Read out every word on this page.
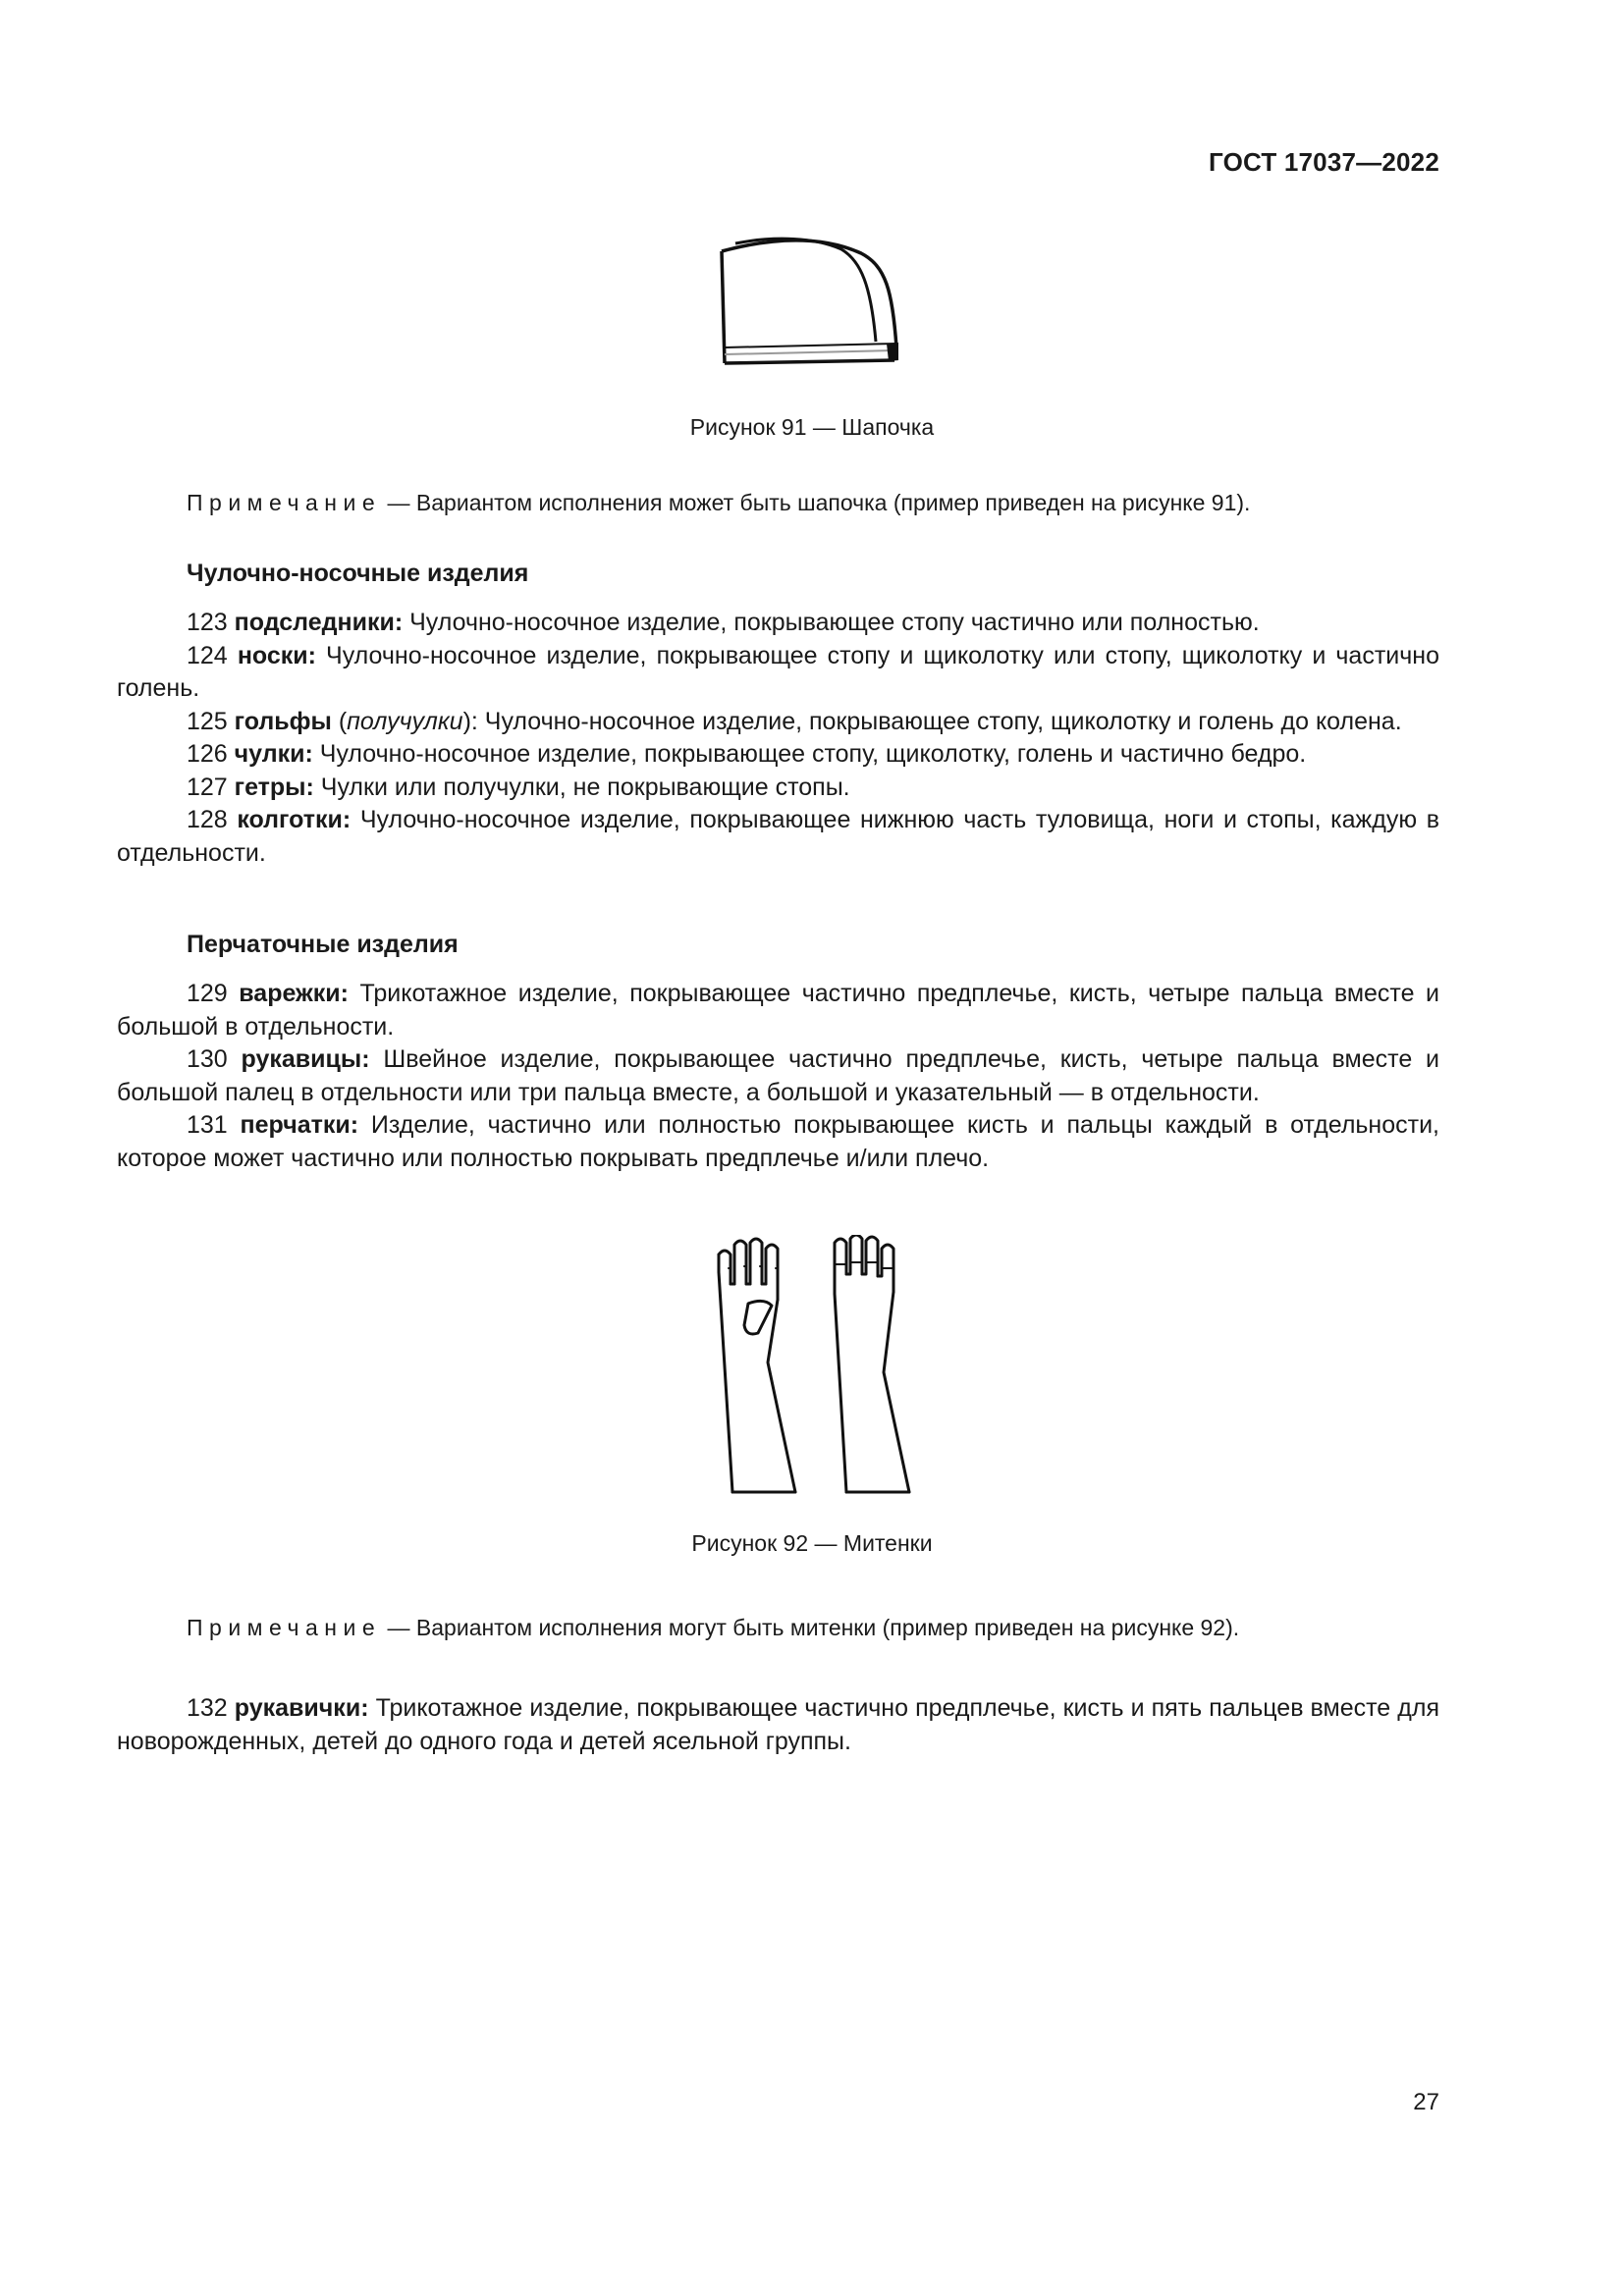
ГОСТ 17037—2022
Рисунок 91 — Шапочка
Примечание — Вариантом исполнения может быть шапочка (пример приведен на рисунке 91).
Чулочно-носочные изделия
123 подследники: Чулочно-носочное изделие, покрывающее стопу частично или полностью.
124 носки: Чулочно-носочное изделие, покрывающее стопу и щиколотку или стопу, щиколотку и частично голень.
125 гольфы (получулки): Чулочно-носочное изделие, покрывающее стопу, щиколотку и голень до колена.
126 чулки: Чулочно-носочное изделие, покрывающее стопу, щиколотку, голень и частично бедро.
127 гетры: Чулки или получулки, не покрывающие стопы.
128 колготки: Чулочно-носочное изделие, покрывающее нижнюю часть туловища, ноги и стопы, каждую в отдельности.
Перчаточные изделия
129 варежки: Трикотажное изделие, покрывающее частично предплечье, кисть, четыре пальца вместе и большой в отдельности.
130 рукавицы: Швейное изделие, покрывающее частично предплечье, кисть, четыре пальца вместе и большой палец в отдельности или три пальца вместе, а большой и указательный — в отдельности.
131 перчатки: Изделие, частично или полностью покрывающее кисть и пальцы каждый в отдельности, которое может частично или полностью покрывать предплечье и/или плечо.
Рисунок 92 — Митенки
Примечание — Вариантом исполнения могут быть митенки (пример приведен на рисунке 92).
132 рукавички: Трикотажное изделие, покрывающее частично предплечье, кисть и пять пальцев вместе для новорожденных, детей до одного года и детей ясельной группы.
27
